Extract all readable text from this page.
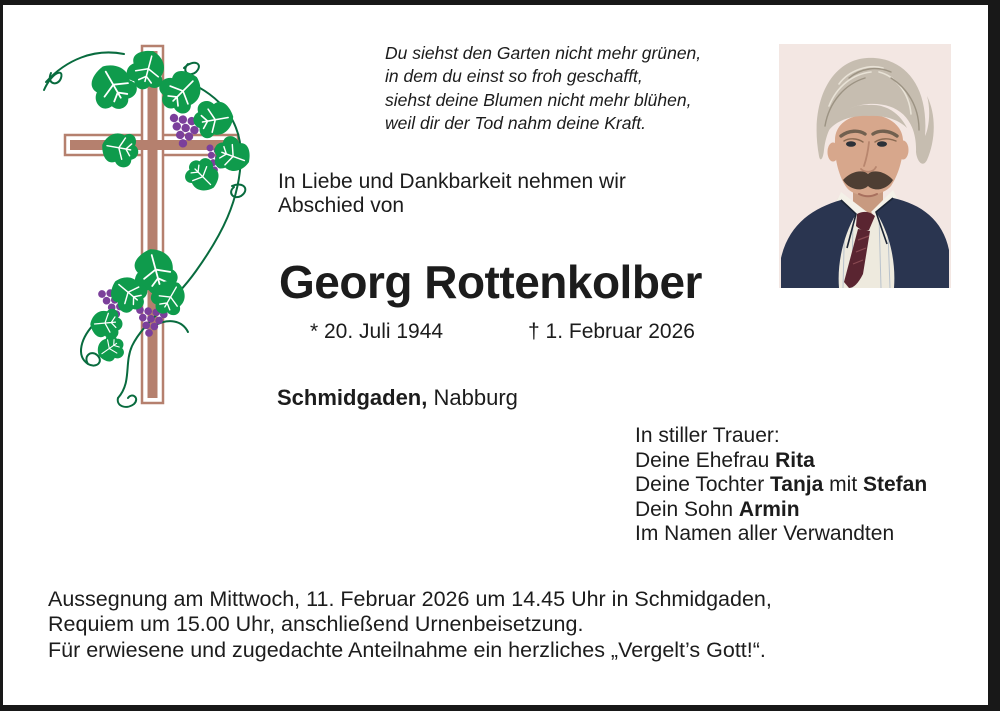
Du siehst den Garten nicht mehr grünen,
in dem du einst so froh geschafft,
siehst deine Blumen nicht mehr blühen,
weil dir der Tod nahm deine Kraft.
In Liebe und Dankbarkeit nehmen wir
Abschied von
Georg Rottenkolber
* 20. Juli 1944	† 1. Februar 2026
Schmidgaden, Nabburg
In stiller Trauer:
Deine Ehefrau Rita
Deine Tochter Tanja mit Stefan
Dein Sohn Armin
Im Namen aller Verwandten
Aussegnung am Mittwoch, 11. Februar 2026 um 14.45 Uhr in Schmidgaden,
Requiem um 15.00 Uhr, anschließend Urnenbeisetzung.
Für erwiesene und zugedachte Anteilnahme ein herzliches „Vergelt’s Gott!“.
